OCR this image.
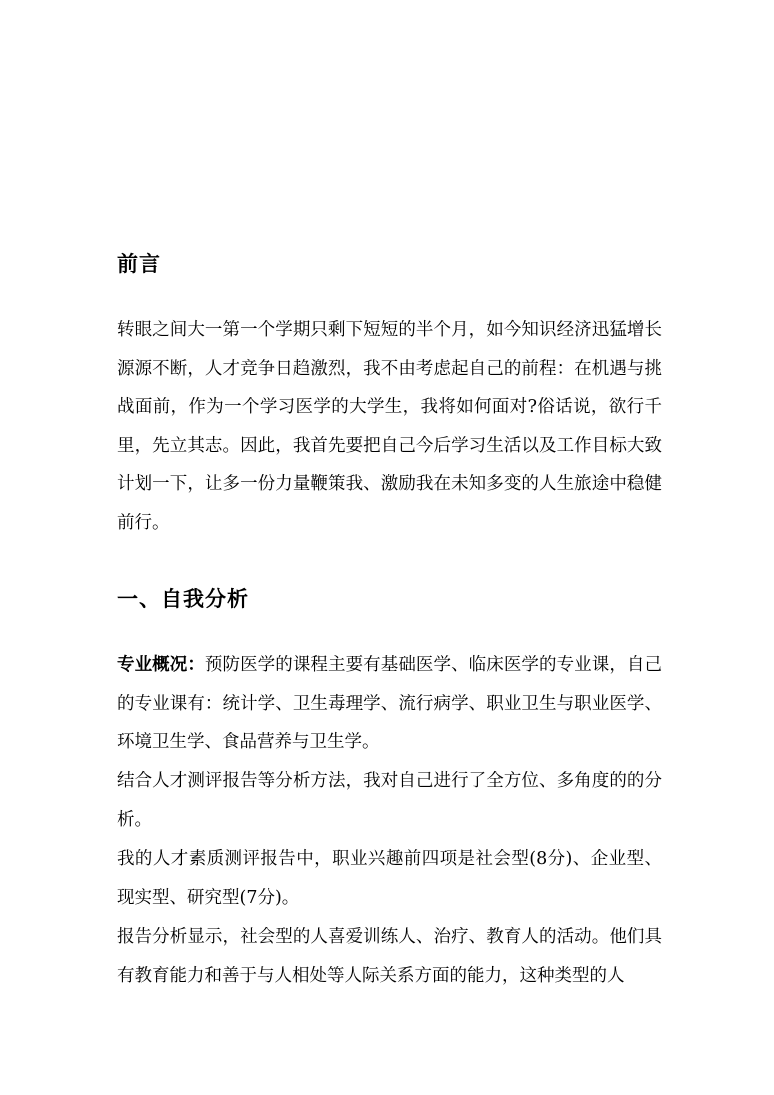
前言
转眼之间大一第一个学期只剩下短短的半个月，如今知识经济迅猛增长源源不断，人才竞争日趋激烈，我不由考虑起自己的前程：在机遇与挑战面前，作为一个学习医学的大学生，我将如何面对?俗话说，欲行千里，先立其志。因此，我首先要把自己今后学习生活以及工作目标大致计划一下，让多一份力量鞭策我、激励我在未知多变的人生旅途中稳健前行。
一、自我分析
专业概况：预防医学的课程主要有基础医学、临床医学的专业课，自己的专业课有：统计学、卫生毒理学、流行病学、职业卫生与职业医学、环境卫生学、食品营养与卫生学。
结合人才测评报告等分析方法，我对自己进行了全方位、多角度的的分析。
我的人才素质测评报告中，职业兴趣前四项是社会型(8分)、企业型、现实型、研究型(7分)。
报告分析显示，社会型的人喜爱训练人、治疗、教育人的活动。他们具有教育能力和善于与人相处等人际关系方面的能力，这种类型的人
